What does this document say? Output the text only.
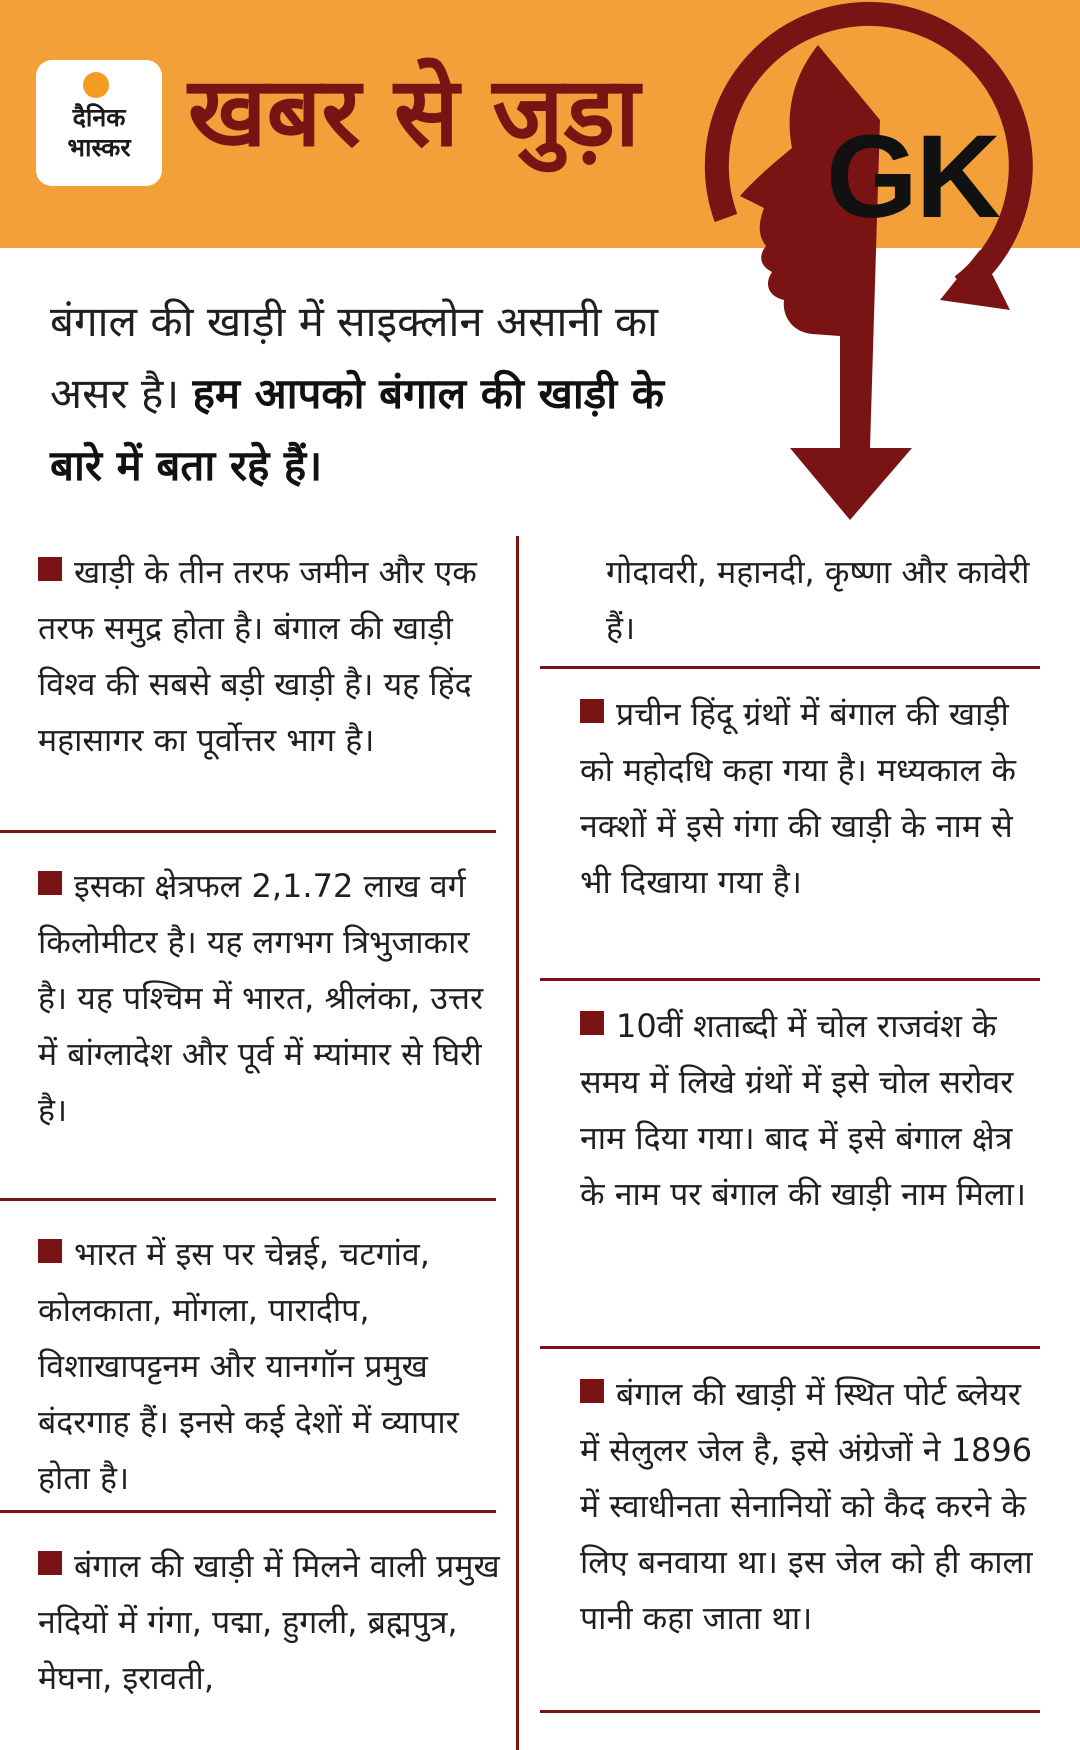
दैनिक
भास्कर खबर से जुड़ा GK
बंगाल की खाड़ी में साइक्लोन असानी का असर है। हम आपको बंगाल की खाड़ी के बारे में बता रहे हैं।
खाड़ी के तीन तरफ जमीन और एक तरफ समुद्र होता है। बंगाल की खाड़ी विश्व की सबसे बड़ी खाड़ी है। यह हिंद महासागर का पूर्वोत्तर भाग है।
इसका क्षेत्रफल 2,1.72 लाख वर्ग किलोमीटर है। यह लगभग त्रिभुजाकार है। यह पश्चिम में भारत, श्रीलंका, उत्तर में बांग्लादेश और पूर्व में म्यांमार से घिरी है।
भारत में इस पर चेन्नई, चटगांव, कोलकाता, मोंगला, पारादीप, विशाखापट्टनम और यानगॉन प्रमुख बंदरगाह हैं। इनसे कई देशों में व्यापार होता है।
बंगाल की खाड़ी में मिलने वाली प्रमुख नदियों में गंगा, पद्मा, हुगली, ब्रह्मपुत्र, मेघना, इरावती,
गोदावरी, महानदी, कृष्णा और कावेरी हैं।
प्रचीन हिंदू ग्रंथों में बंगाल की खाड़ी को महोदधि कहा गया है। मध्यकाल के नक्शों में इसे गंगा की खाड़ी के नाम से भी दिखाया गया है।
10वीं शताब्दी में चोल राजवंश के समय में लिखे ग्रंथों में इसे चोल सरोवर नाम दिया गया। बाद में इसे बंगाल क्षेत्र के नाम पर बंगाल की खाड़ी नाम मिला।
बंगाल की खाड़ी में स्थित पोर्ट ब्लेयर में सेलुलर जेल है, इसे अंग्रेजों ने 1896 में स्वाधीनता सेनानियों को कैद करने के लिए बनवाया था। इस जेल को ही काला पानी कहा जाता था।
